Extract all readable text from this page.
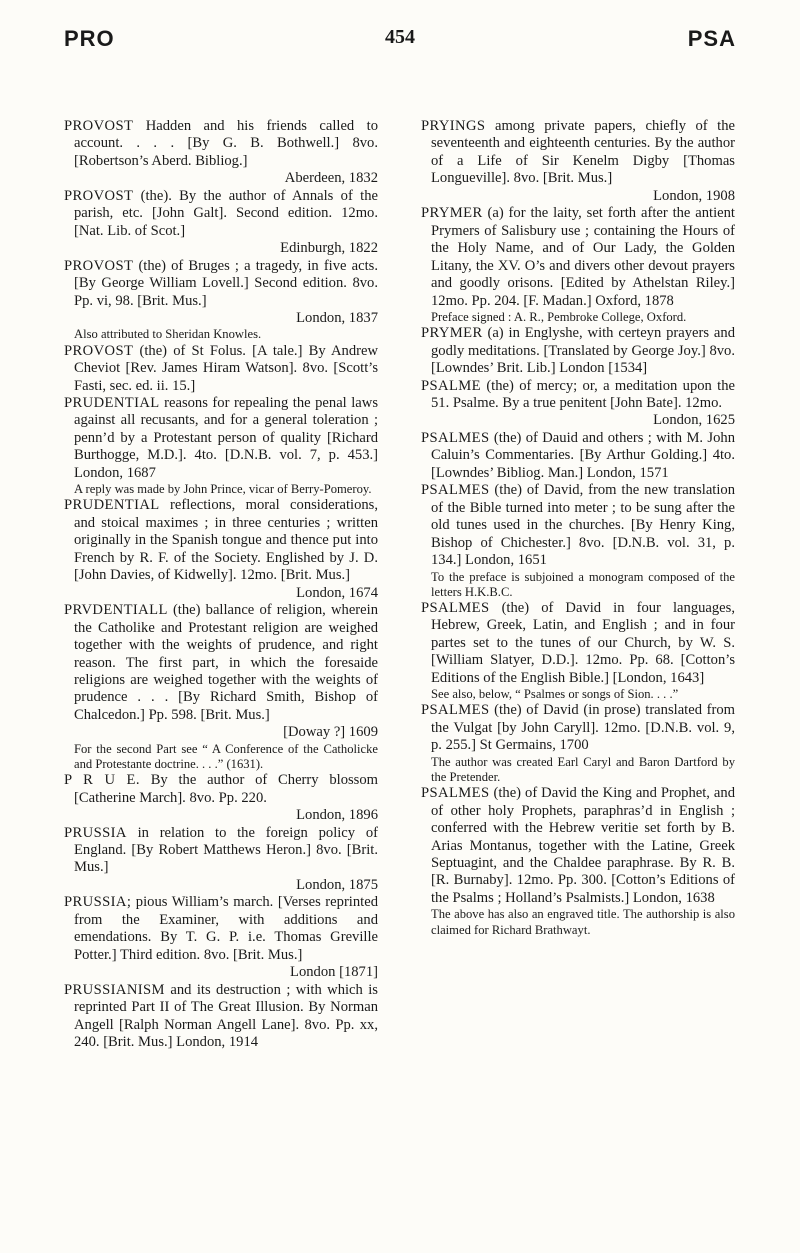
PRO	454	PSA

PROVOST Hadden and his friends called to account. . . . [By G. B. Bothwell.] 8vo. [Robertson’s Aberd. Bibliog.]
Aberdeen, 1832

PROVOST (the). By the author of Annals of the parish, etc. [John Galt]. Second edition. 12mo. [Nat. Lib. of Scot.]
Edinburgh, 1822

PROVOST (the) of Bruges ; a tragedy, in five acts. [By George William Lovell.] Second edition. 8vo. Pp. vi, 98. [Brit. Mus.]
London, 1837

Also attributed to Sheridan Knowles.

PROVOST (the) of St Folus. [A tale.] By Andrew Cheviot [Rev. James Hiram Watson]. 8vo. [Scott’s Fasti, sec. ed. ii. 15.]

PRUDENTIAL reasons for repealing the penal laws against all recusants, and for a general toleration ; penn’d by a Protestant person of quality [Richard Burthogge, M.D.]. 4to. [D.N.B. vol. 7, p. 453.] London, 1687

A reply was made by John Prince, vicar of Berry-Pomeroy.

PRUDENTIAL reflections, moral considerations, and stoical maximes ; in three centuries ; written originally in the Spanish tongue and thence put into French by R. F. of the Society. Englished by J. D. [John Davies, of Kidwelly]. 12mo. [Brit. Mus.]
London, 1674

PRVDENTIALL (the) ballance of religion, wherein the Catholike and Protestant religion are weighed together with the weights of prudence, and right reason. The first part, in which the foresaide religions are weighed together with the weights of prudence . . . [By Richard Smith, Bishop of Chalcedon.] Pp. 598. [Brit. Mus.]
[Doway ?] 1609

For the second Part see “ A Conference of the Catholicke and Protestante doctrine. . . .” (1631).

P R U E. By the author of Cherry blossom [Catherine March]. 8vo. Pp. 220.
London, 1896

PRUSSIA in relation to the foreign policy of England. [By Robert Matthews Heron.] 8vo. [Brit. Mus.]
London, 1875

PRUSSIA; pious William’s march. [Verses reprinted from the Examiner, with additions and emendations. By T. G. P. i.e. Thomas Greville Potter.] Third edition. 8vo. [Brit. Mus.]
London [1871]

PRUSSIANISM and its destruction ; with which is reprinted Part II of The Great Illusion. By Norman Angell [Ralph Norman Angell Lane]. 8vo. Pp. xx, 240. [Brit. Mus.] London, 1914

PRYINGS among private papers, chiefly of the seventeenth and eighteenth centuries. By the author of a Life of Sir Kenelm Digby [Thomas Longueville]. 8vo. [Brit. Mus.]
London, 1908

PRYMER (a) for the laity, set forth after the antient Prymers of Salisbury use ; containing the Hours of the Holy Name, and of Our Lady, the Golden Litany, the XV. O’s and divers other devout prayers and goodly orisons. [Edited by Athelstan Riley.] 12mo. Pp. 204. [F. Madan.] Oxford, 1878

Preface signed : A. R., Pembroke College, Oxford.

PRYMER (a) in Englyshe, with certeyn prayers and godly meditations. [Translated by George Joy.] 8vo. [Lowndes’ Brit. Lib.] London [1534]

PSALME (the) of mercy; or, a meditation upon the 51. Psalme. By a true penitent [John Bate]. 12mo.
London, 1625

PSALMES (the) of Dauid and others ; with M. John Caluin’s Commentaries. [By Arthur Golding.] 4to. [Lowndes’ Bibliog. Man.] London, 1571

PSALMES (the) of David, from the new translation of the Bible turned into meter ; to be sung after the old tunes used in the churches. [By Henry King, Bishop of Chichester.] 8vo. [D.N.B. vol. 31, p. 134.] London, 1651

To the preface is subjoined a monogram composed of the letters H.K.B.C.

PSALMES (the) of David in four languages, Hebrew, Greek, Latin, and English ; and in four partes set to the tunes of our Church, by W. S. [William Slatyer, D.D.]. 12mo. Pp. 68. [Cotton’s Editions of the English Bible.] [London, 1643]

See also, below, “ Psalmes or songs of Sion. . . .”

PSALMES (the) of David (in prose) translated from the Vulgat [by John Caryll]. 12mo. [D.N.B. vol. 9, p. 255.] St Germains, 1700

The author was created Earl Caryl and Baron Dartford by the Pretender.

PSALMES (the) of David the King and Prophet, and of other holy Prophets, paraphras’d in English ; conferred with the Hebrew veritie set forth by B. Arias Montanus, together with the Latine, Greek Septuagint, and the Chaldee paraphrase. By R. B. [R. Burnaby]. 12mo. Pp. 300. [Cotton’s Editions of the Psalms ; Holland’s Psalmists.] London, 1638

The above has also an engraved title. The authorship is also claimed for Richard Brathwayt.
